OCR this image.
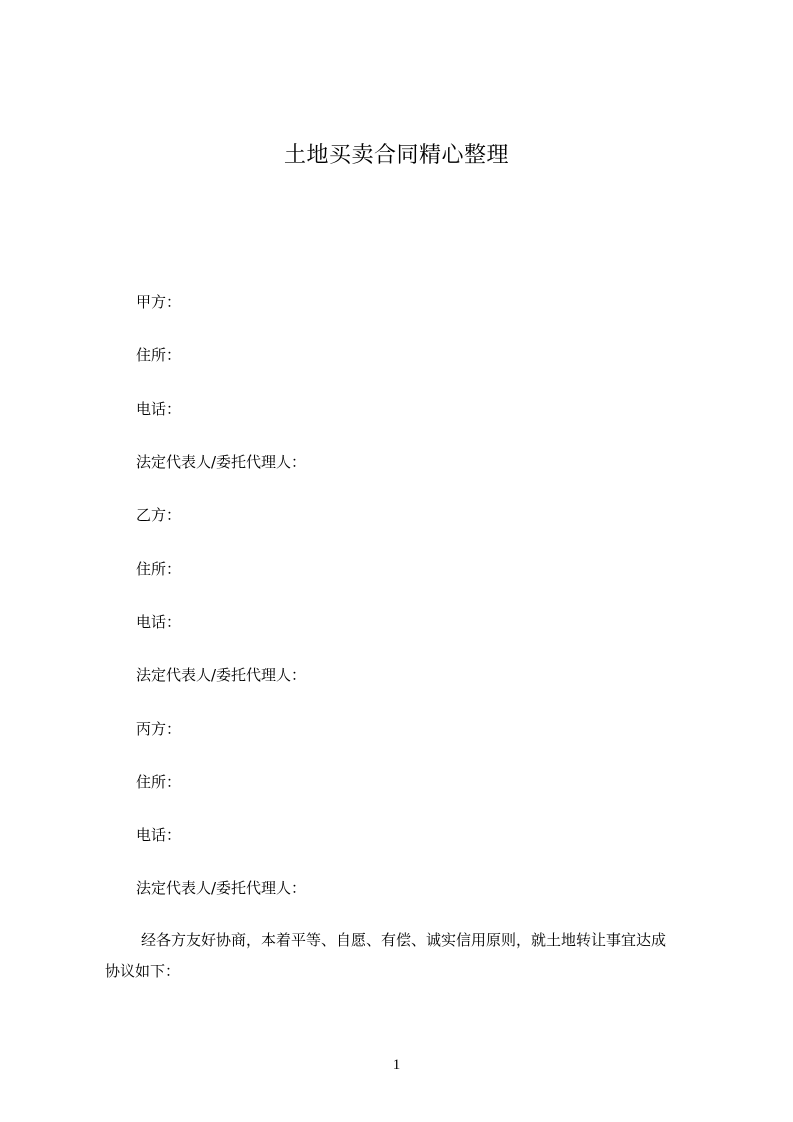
土地买卖合同精心整理
甲方：
住所：
电话：
法定代表人/委托代理人：
乙方：
住所：
电话：
法定代表人/委托代理人：
丙方：
住所：
电话：
法定代表人/委托代理人：
经各方友好协商，本着平等、自愿、有偿、诚实信用原则，就土地转让事宜达成
协议如下：
1
